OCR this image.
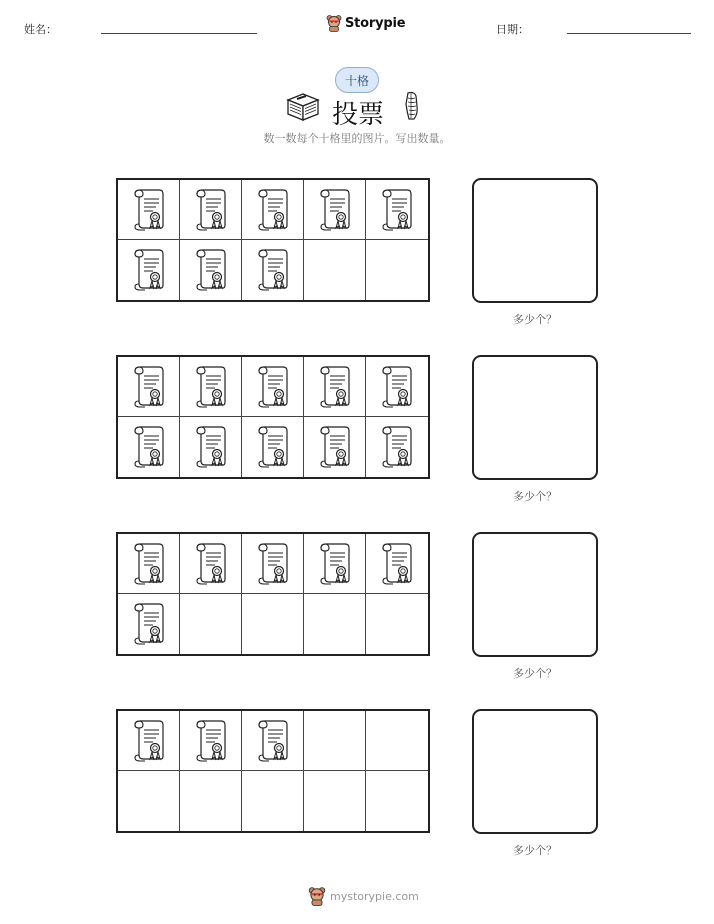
姓名：	Storypie	日期：
十格
投票
数一数每个十格里的图片。写出数量。
多少个？
多少个？
多少个？
多少个？
mystorypie.com
